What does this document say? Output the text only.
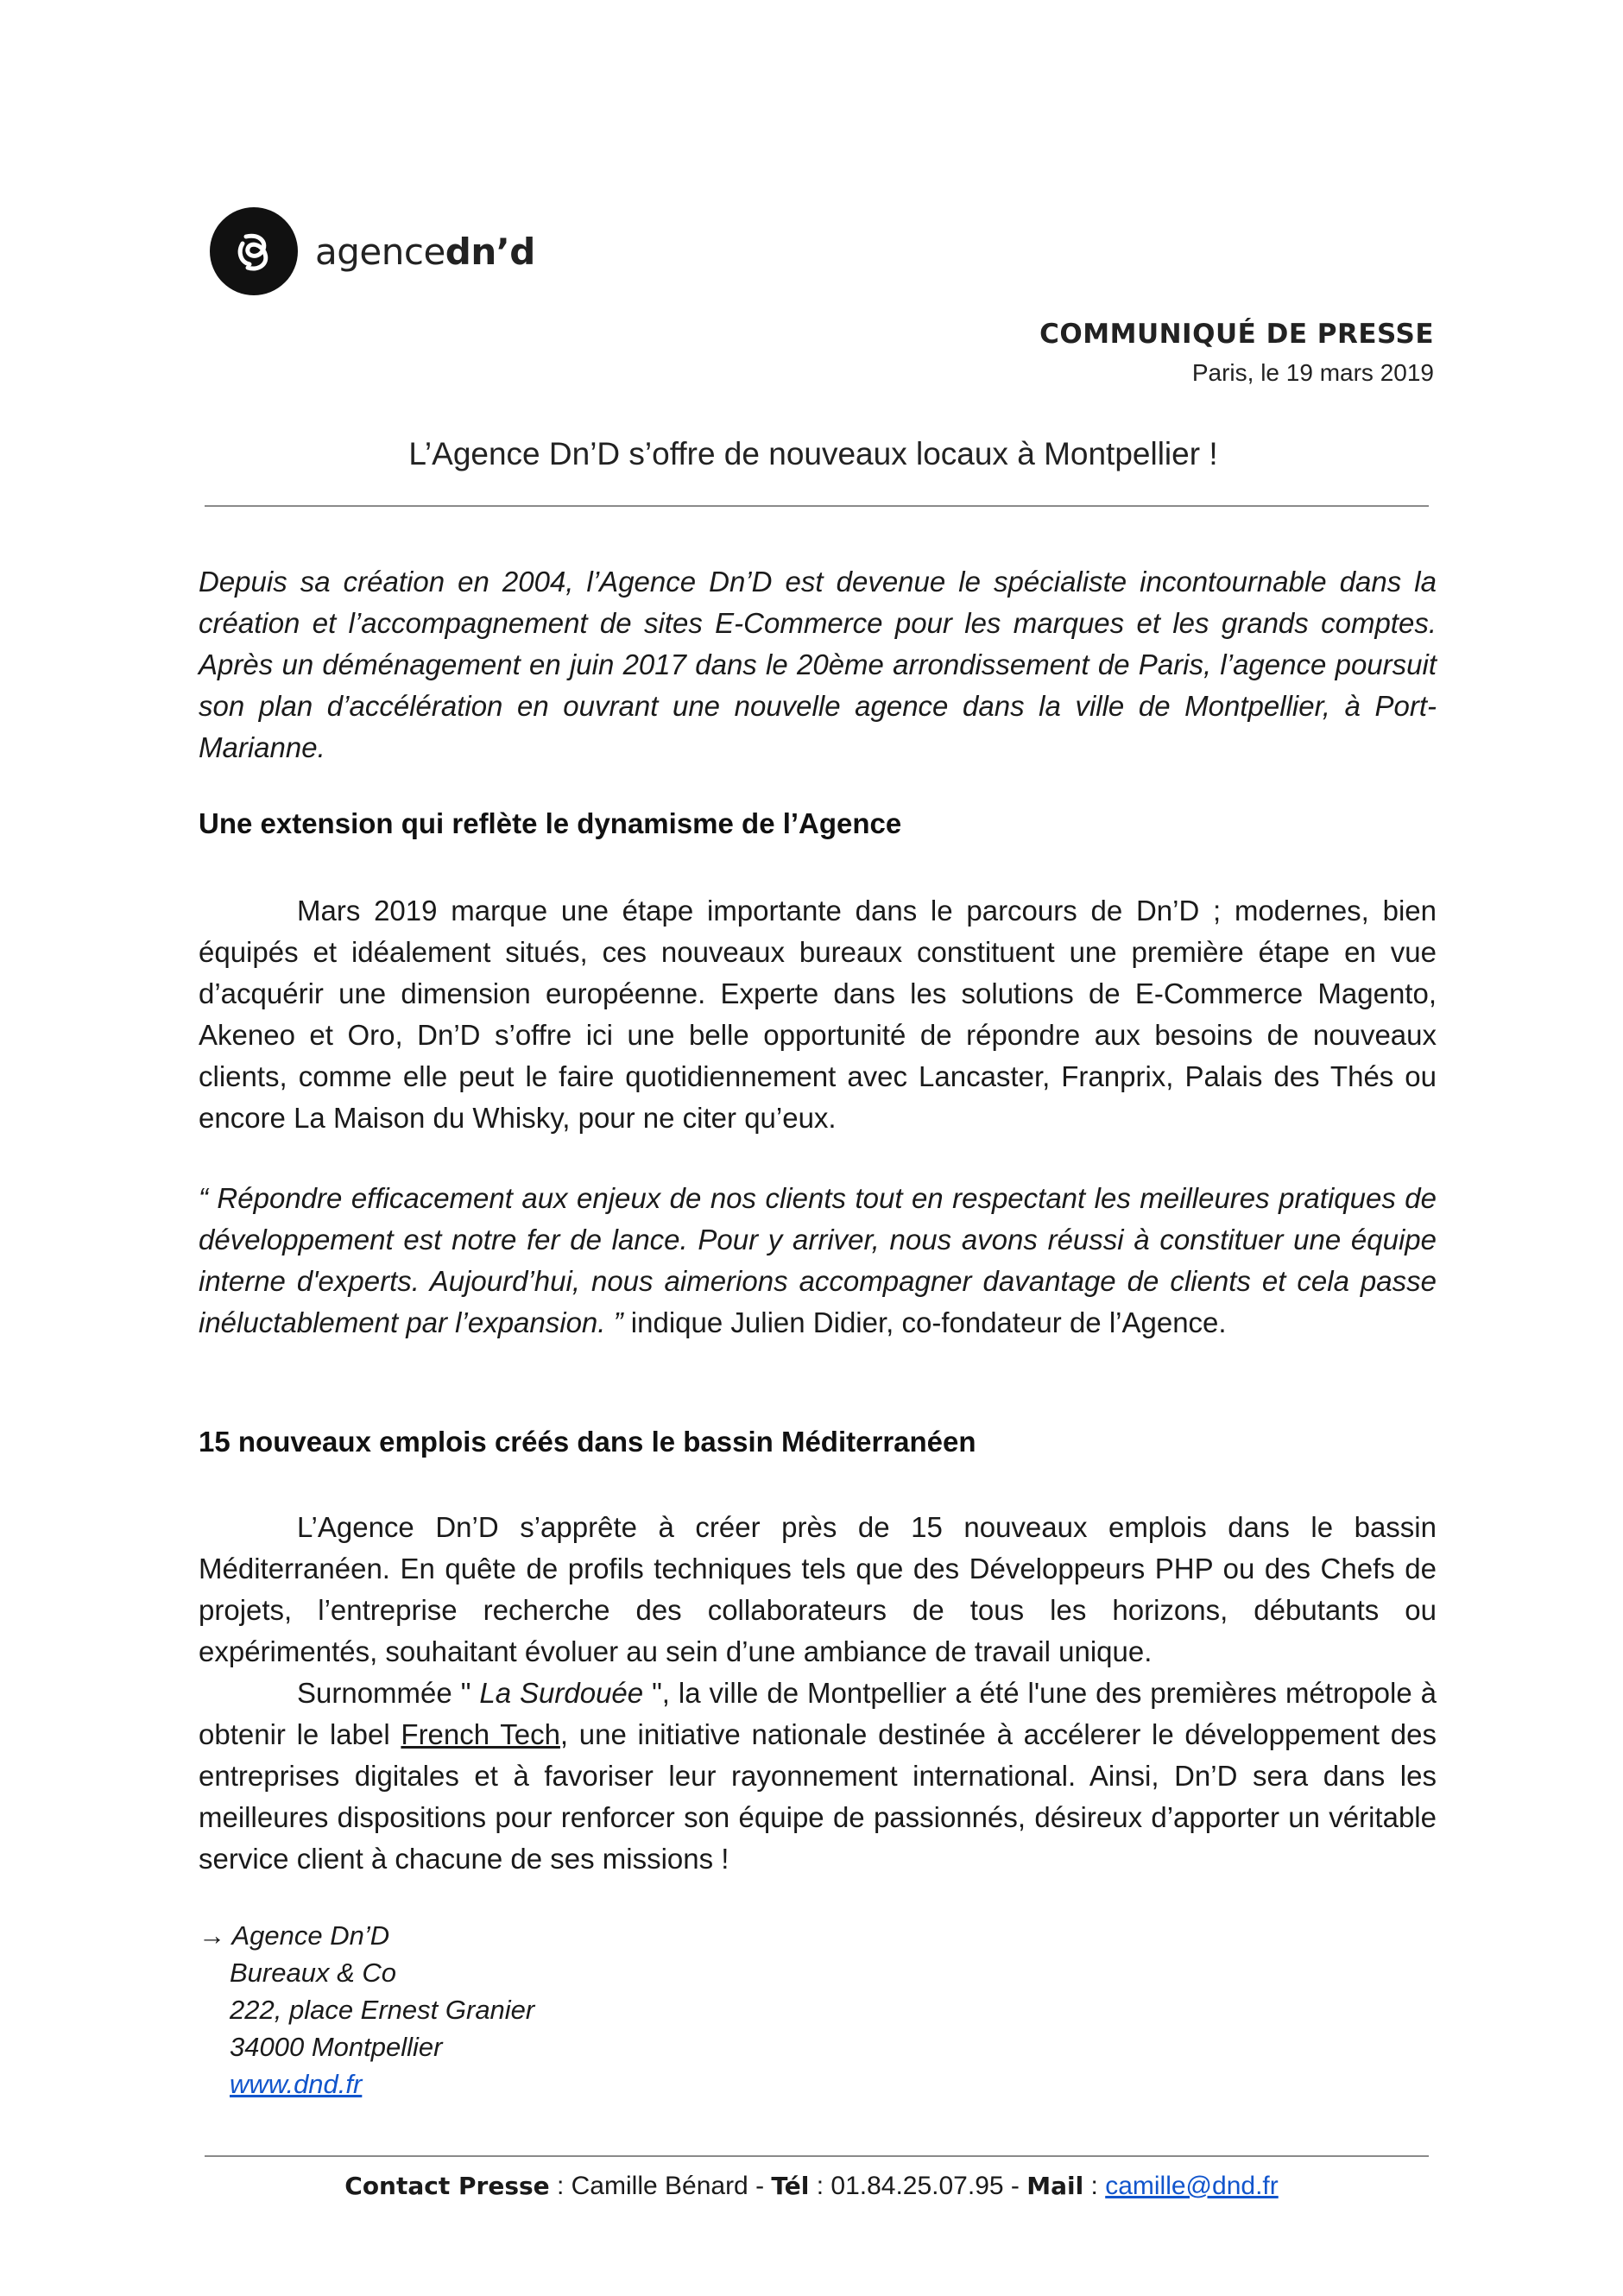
agencedn’d
COMMUNIQUÉ DE PRESSE
Paris, le 19 mars 2019
L’Agence Dn’D s’offre de nouveaux locaux à Montpellier !
Depuis sa création en 2004, l’Agence Dn’D est devenue le spécialiste incontournable dans la création et l’accompagnement de sites E-Commerce pour les marques et les grands comptes. Après un déménagement en juin 2017 dans le 20ème arrondissement de Paris, l’agence poursuit son plan d’accélération en ouvrant une nouvelle agence dans la ville de Montpellier, à Port-Marianne.
Une extension qui reflète le dynamisme de l’Agence
Mars 2019 marque une étape importante dans le parcours de Dn’D ; modernes, bien équipés et idéalement situés, ces nouveaux bureaux constituent une première étape en vue d’acquérir une dimension européenne. Experte dans les solutions de E-Commerce Magento, Akeneo et Oro, Dn’D s’offre ici une belle opportunité de répondre aux besoins de nouveaux clients, comme elle peut le faire quotidiennement avec Lancaster, Franprix, Palais des Thés ou encore La Maison du Whisky, pour ne citer qu’eux.
“ Répondre efficacement aux enjeux de nos clients tout en respectant les meilleures pratiques de développement est notre fer de lance. Pour y arriver, nous avons réussi à constituer une équipe interne d'experts. Aujourd’hui, nous aimerions accompagner davantage de clients et cela passe inéluctablement par l’expansion. ” indique Julien Didier, co-fondateur de l’Agence.
15 nouveaux emplois créés dans le bassin Méditerranéen
L’Agence Dn’D s’apprête à créer près de 15 nouveaux emplois dans le bassin Méditerranéen. En quête de profils techniques tels que des Développeurs PHP ou des Chefs de projets, l’entreprise recherche des collaborateurs de tous les horizons, débutants ou expérimentés, souhaitant évoluer au sein d’une ambiance de travail unique.
Surnommée " La Surdouée ", la ville de Montpellier a été l'une des premières métropole à obtenir le label French Tech, une initiative nationale destinée à accélerer le développement des entreprises digitales et à favoriser leur rayonnement international. Ainsi, Dn’D sera dans les meilleures dispositions pour renforcer son équipe de passionnés, désireux d’apporter un véritable service client à chacune de ses missions !
→ Agence Dn’D
Bureaux & Co
222, place Ernest Granier
34000 Montpellier
www.dnd.fr
Contact Presse : Camille Bénard - Tél : 01.84.25.07.95 - Mail : camille@dnd.fr
